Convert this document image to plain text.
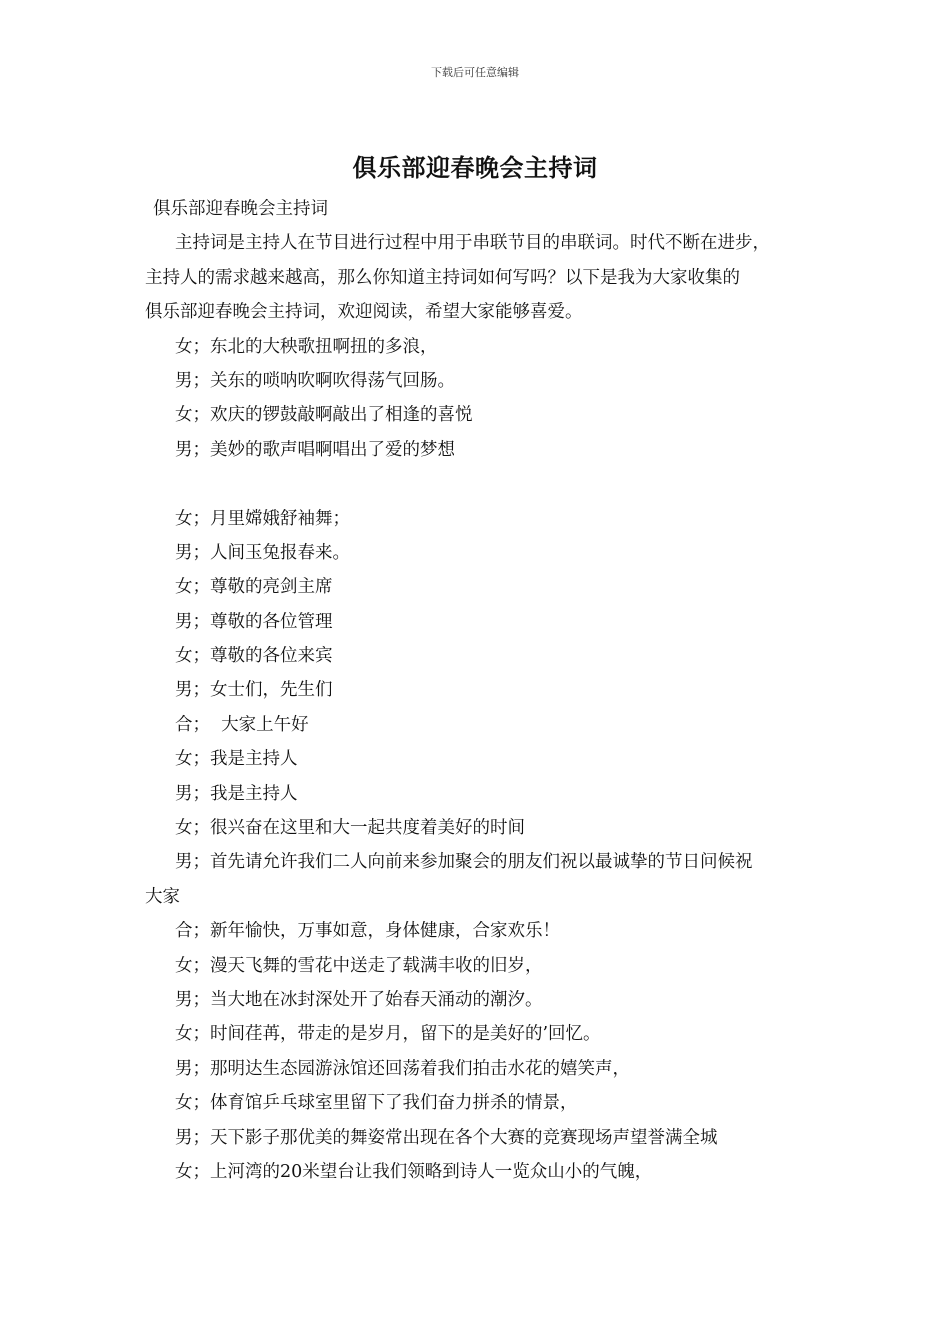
下载后可任意编辑
俱乐部迎春晚会主持词
俱乐部迎春晚会主持词
主持词是主持人在节目进行过程中用于串联节目的串联词。时代不断在进步，
主持人的需求越来越高，那么你知道主持词如何写吗？以下是我为大家收集的
俱乐部迎春晚会主持词，欢迎阅读，希望大家能够喜爱。
女；东北的大秧歌扭啊扭的多浪，
男；关东的唢呐吹啊吹得荡气回肠。
女；欢庆的锣鼓敲啊敲出了相逢的喜悦
男；美妙的歌声唱啊唱出了爱的梦想
女；月里嫦娥舒袖舞；
男；人间玉兔报春来。
女；尊敬的亮剑主席
男；尊敬的各位管理
女；尊敬的各位来宾
男；女士们，先生们
合；  大家上午好
女；我是主持人
男；我是主持人
女；很兴奋在这里和大一起共度着美好的时间
男；首先请允许我们二人向前来参加聚会的朋友们祝以最诚挚的节日问候祝
大家
合；新年愉快，万事如意，身体健康，合家欢乐！
女；漫天飞舞的雪花中送走了载满丰收的旧岁，
男；当大地在冰封深处开了始春天涌动的潮汐。
女；时间荏苒，带走的是岁月，留下的是美好的’回忆。
男；那明达生态园游泳馆还回荡着我们拍击水花的嬉笑声，
女；体育馆乒乓球室里留下了我们奋力拼杀的情景，
男；天下影子那优美的舞姿常出现在各个大赛的竞赛现场声望誉满全城
女；上河湾的20米望台让我们领略到诗人一览众山小的气魄，
